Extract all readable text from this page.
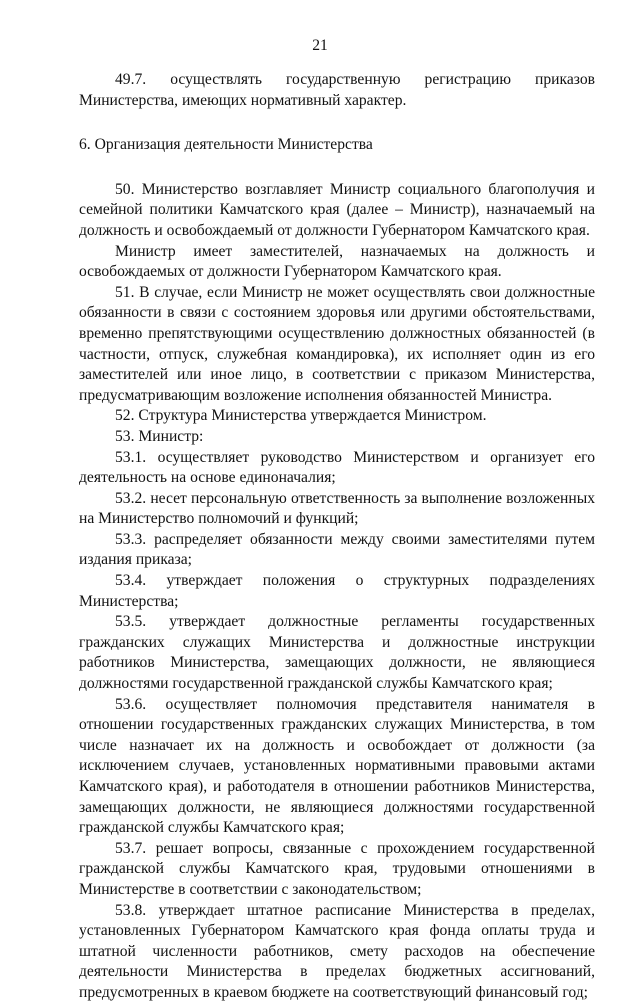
21

49.7. осуществлять государственную регистрацию приказов Министерства, имеющих нормативный характер.

6. Организация деятельности Министерства

50. Министерство возглавляет Министр социального благополучия и семейной политики Камчатского края (далее – Министр), назначаемый на должность и освобождаемый от должности Губернатором Камчатского края.

Министр имеет заместителей, назначаемых на должность и освобождаемых от должности Губернатором Камчатского края.

51. В случае, если Министр не может осуществлять свои должностные обязанности в связи с состоянием здоровья или другими обстоятельствами, временно препятствующими осуществлению должностных обязанностей (в частности, отпуск, служебная командировка), их исполняет один из его заместителей или иное лицо, в соответствии с приказом Министерства, предусматривающим возложение исполнения обязанностей Министра.

52. Структура Министерства утверждается Министром.

53. Министр:

53.1. осуществляет руководство Министерством и организует его деятельность на основе единоначалия;

53.2. несет персональную ответственность за выполнение возложенных на Министерство полномочий и функций;

53.3. распределяет обязанности между своими заместителями путем издания приказа;

53.4. утверждает положения о структурных подразделениях Министерства;

53.5. утверждает должностные регламенты государственных гражданских служащих Министерства и должностные инструкции работников Министерства, замещающих должности, не являющиеся должностями государственной гражданской службы Камчатского края;

53.6. осуществляет полномочия представителя нанимателя в отношении государственных гражданских служащих Министерства, в том числе назначает их на должность и освобождает от должности (за исключением случаев, установленных нормативными правовыми актами Камчатского края), и работодателя в отношении работников Министерства, замещающих должности, не являющиеся должностями государственной гражданской службы Камчатского края;

53.7. решает вопросы, связанные с прохождением государственной гражданской службы Камчатского края, трудовыми отношениями в Министерстве в соответствии с законодательством;

53.8. утверждает штатное расписание Министерства в пределах, установленных Губернатором Камчатского края фонда оплаты труда и штатной численности работников, смету расходов на обеспечение деятельности Министерства в пределах бюджетных ассигнований, предусмотренных в краевом бюджете на соответствующий финансовый год;
